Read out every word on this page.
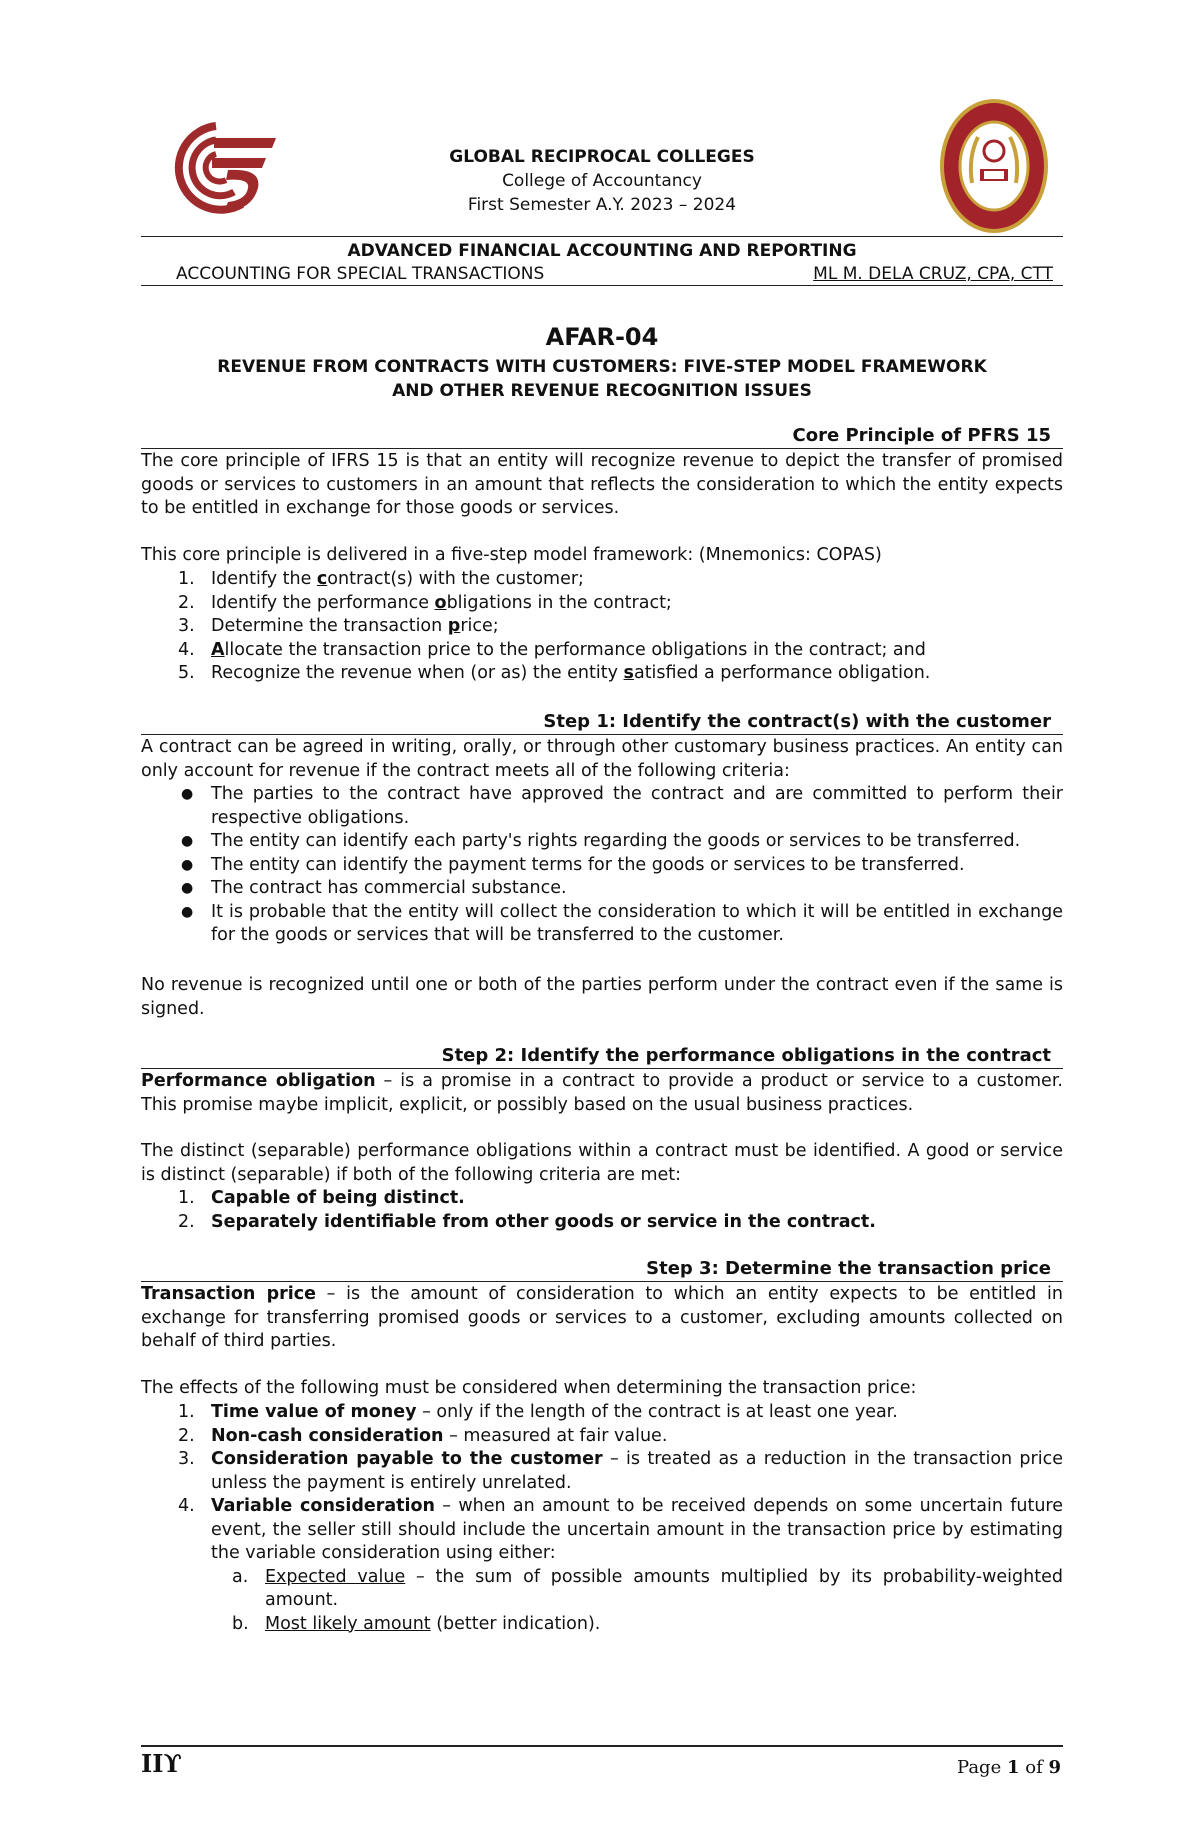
GLOBAL RECIPROCAL COLLEGES
College of Accountancy
First Semester A.Y. 2023 – 2024
ADVANCED FINANCIAL ACCOUNTING AND REPORTING
ACCOUNTING FOR SPECIAL TRANSACTIONS	ML M. DELA CRUZ, CPA, CTT
AFAR-04
REVENUE FROM CONTRACTS WITH CUSTOMERS: FIVE-STEP MODEL FRAMEWORK
AND OTHER REVENUE RECOGNITION ISSUES
Core Principle of PFRS 15
The core principle of IFRS 15 is that an entity will recognize revenue to depict the transfer of promised goods or services to customers in an amount that reflects the consideration to which the entity expects to be entitled in exchange for those goods or services.
This core principle is delivered in a five-step model framework: (Mnemonics: COPAS)
1. Identify the contract(s) with the customer;
2. Identify the performance obligations in the contract;
3. Determine the transaction price;
4. Allocate the transaction price to the performance obligations in the contract; and
5. Recognize the revenue when (or as) the entity satisfied a performance obligation.
Step 1: Identify the contract(s) with the customer
A contract can be agreed in writing, orally, or through other customary business practices. An entity can only account for revenue if the contract meets all of the following criteria:
● The parties to the contract have approved the contract and are committed to perform their respective obligations.
● The entity can identify each party's rights regarding the goods or services to be transferred.
● The entity can identify the payment terms for the goods or services to be transferred.
● The contract has commercial substance.
● It is probable that the entity will collect the consideration to which it will be entitled in exchange for the goods or services that will be transferred to the customer.
No revenue is recognized until one or both of the parties perform under the contract even if the same is signed.
Step 2: Identify the performance obligations in the contract
Performance obligation – is a promise in a contract to provide a product or service to a customer. This promise maybe implicit, explicit, or possibly based on the usual business practices.
The distinct (separable) performance obligations within a contract must be identified. A good or service is distinct (separable) if both of the following criteria are met:
1. Capable of being distinct.
2. Separately identifiable from other goods or service in the contract.
Step 3: Determine the transaction price
Transaction price – is the amount of consideration to which an entity expects to be entitled in exchange for transferring promised goods or services to a customer, excluding amounts collected on behalf of third parties.
The effects of the following must be considered when determining the transaction price:
1. Time value of money – only if the length of the contract is at least one year.
2. Non-cash consideration – measured at fair value.
3. Consideration payable to the customer – is treated as a reduction in the transaction price unless the payment is entirely unrelated.
4. Variable consideration – when an amount to be received depends on some uncertain future event, the seller still should include the uncertain amount in the transaction price by estimating the variable consideration using either:
a. Expected value – the sum of possible amounts multiplied by its probability-weighted amount.
b. Most likely amount (better indication).
ΙΙϒ	Page 1 of 9
